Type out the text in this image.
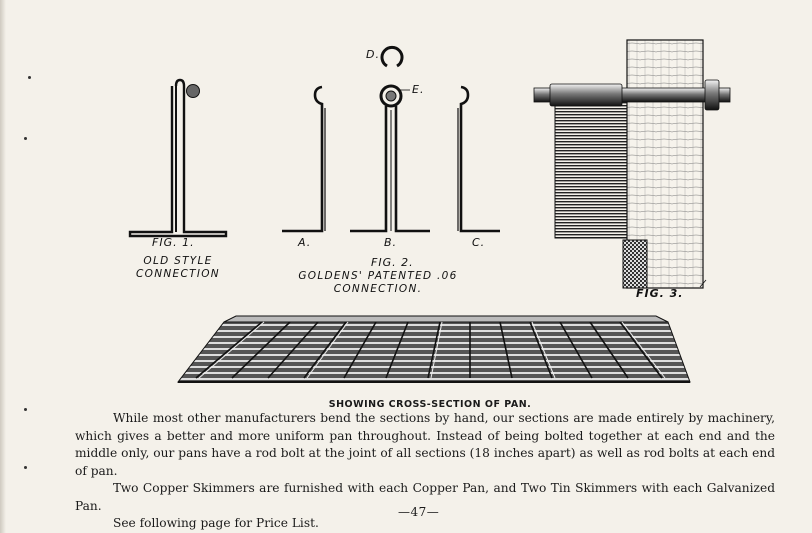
FIG. 1.
OLD STYLE
CONNECTION
D.
E.
A.	B.	C.
FIG. 2.
GOLDENS' PATENTED .06
CONNECTION.	FIG. 3.
SHOWING CROSS-SECTION OF PAN.

While most other manufacturers bend the sections by hand, our sections are made entirely by machinery, which gives a better and more uniform pan throughout. Instead of being bolted together at each end and the middle only, our pans have a rod bolt at the joint of all sections (18 inches apart) as well as rod bolts at each end of pan.

Two Copper Skimmers are furnished with each Copper Pan, and Two Tin Skimmers with each Galvanized Pan.

See following page for Price List.

—47—
